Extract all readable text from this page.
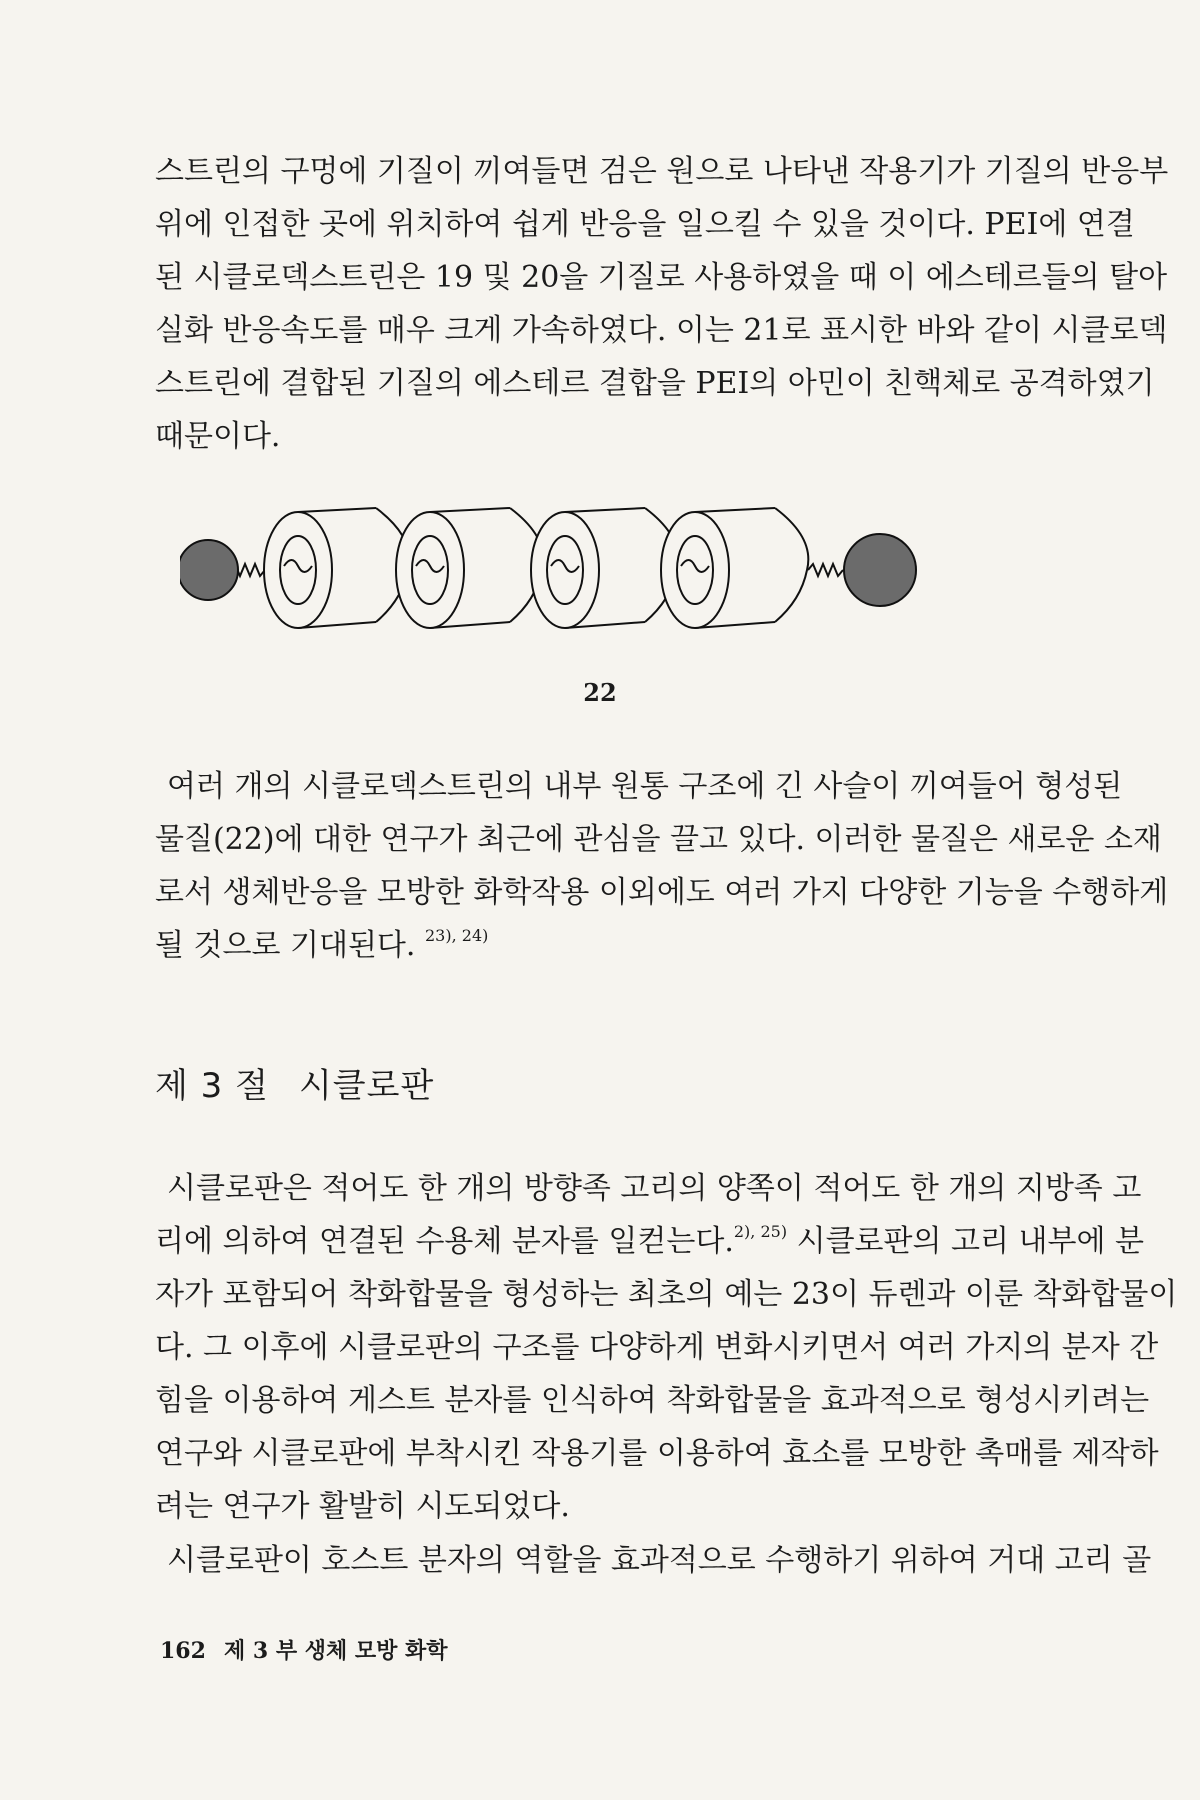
스트린의 구멍에 기질이 끼여들면 검은 원으로 나타낸 작용기가 기질의 반응부
위에 인접한 곳에 위치하여 쉽게 반응을 일으킬 수 있을 것이다. PEI에 연결
된 시클로덱스트린은 19 및 20을 기질로 사용하였을 때 이 에스테르들의 탈아
실화 반응속도를 매우 크게 가속하였다. 이는 21로 표시한 바와 같이 시클로덱
스트린에 결합된 기질의 에스테르 결합을 PEI의 아민이 친핵체로 공격하였기
때문이다.

22

여러 개의 시클로덱스트린의 내부 원통 구조에 긴 사슬이 끼여들어 형성된
물질(22)에 대한 연구가 최근에 관심을 끌고 있다. 이러한 물질은 새로운 소재
로서 생체반응을 모방한 화학작용 이외에도 여러 가지 다양한 기능을 수행하게
될 것으로 기대된다. $^{23), 24)}$

제 3 절 시클로판

시클로판은 적어도 한 개의 방향족 고리의 양쪽이 적어도 한 개의 지방족 고
리에 의하여 연결된 수용체 분자를 일컫는다.$^{2), 25)}$ 시클로판의 고리 내부에 분
자가 포함되어 착화합물을 형성하는 최초의 예는 23이 듀렌과 이룬 착화합물이
다. 그 이후에 시클로판의 구조를 다양하게 변화시키면서 여러 가지의 분자 간
힘을 이용하여 게스트 분자를 인식하여 착화합물을 효과적으로 형성시키려는
연구와 시클로판에 부착시킨 작용기를 이용하여 효소를 모방한 촉매를 제작하
려는 연구가 활발히 시도되었다.

시클로판이 호스트 분자의 역할을 효과적으로 수행하기 위하여 거대 고리 골

162 제 3 부 생체 모방 화학
